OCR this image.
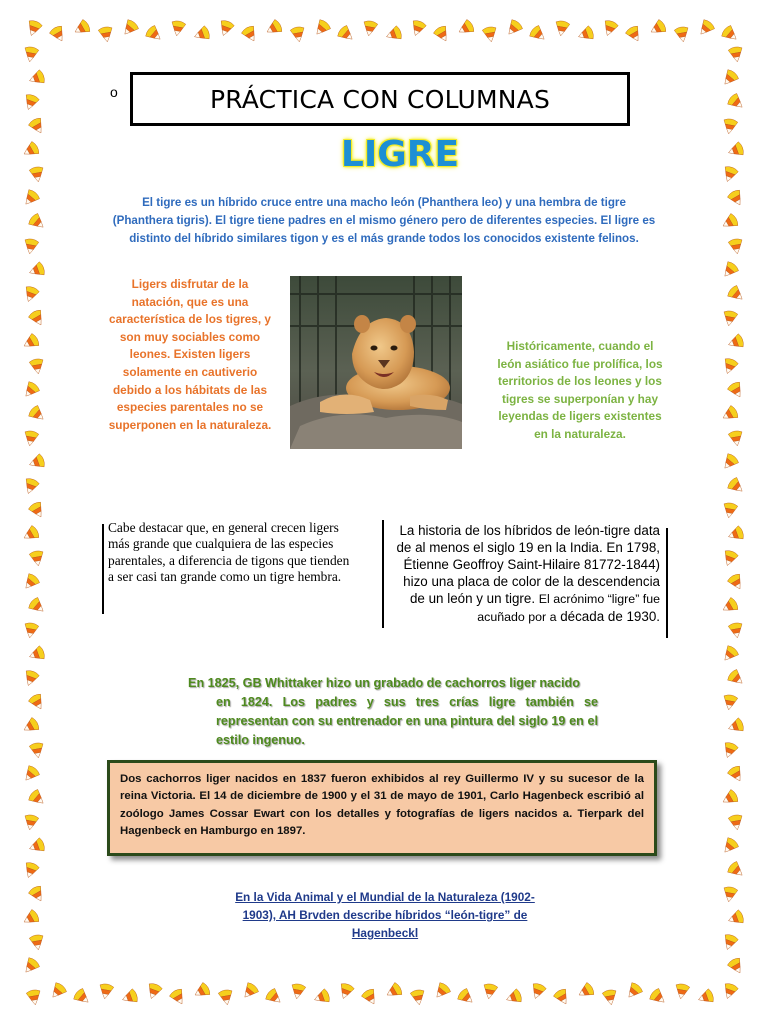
o	PRÁCTICA CON COLUMNAS
LIGRE
El tigre es un híbrido cruce entre una macho león (Phanthera leo) y una hembra de tigre (Phanthera tigris). El tigre tiene padres en el mismo género pero de diferentes especies. El ligre es distinto del híbrido similares tigon y es el más grande todos los conocidos existente felinos.
Ligers disfrutar de la natación, que es una característica de los tigres, y son muy sociables como leones. Existen ligers solamente en cautiverio debido a los hábitats de las especies parentales no se superponen en la naturaleza.
Históricamente, cuando el león asiático fue prolífica, los territorios de los leones y los tigres se superponían y hay leyendas de ligers existentes en la naturaleza.
Cabe destacar que, en general crecen ligers más grande que cualquiera de las especies parentales, a diferencia de tigons que tienden a ser casi tan grande como un tigre hembra.
La historia de los híbridos de león-tigre data de al menos el siglo 19 en la India. En 1798, Étienne Geoffroy Saint-Hilaire 81772-1844) hizo una placa de color de la descendencia de un león y un tigre. El acrónimo “ligre” fue acuñado por a década de 1930.
En 1825, GB Whittaker hizo un grabado de cachorros liger nacido
en 1824. Los padres y sus tres crías ligre también se representan con su entrenador en una pintura del siglo 19 en el estilo ingenuo.

Dos cachorros liger nacidos en 1837 fueron exhibidos al rey Guillermo IV y su sucesor de la reina Victoria. El 14 de diciembre de 1900 y el 31 de mayo de 1901, Carlo Hagenbeck escribió al zoólogo James Cossar Ewart con los detalles y fotografías de ligers nacidos a. Tierpark del Hagenbeck en Hamburgo en 1897.

En la Vida Animal y el Mundial de la Naturaleza (1902-1903), AH Brvden describe híbridos “león-tigre” de Hagenbeckl
